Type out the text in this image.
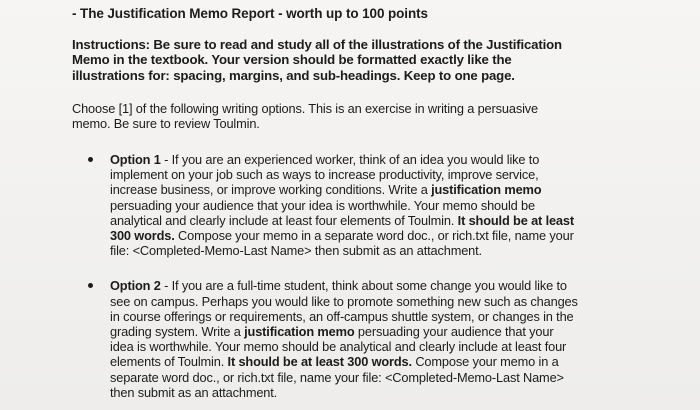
- The Justification Memo Report - worth up to 100 points
Instructions: Be sure to read and study all of the illustrations of the Justification Memo in the textbook. Your version should be formatted exactly like the illustrations for: spacing, margins, and sub-headings. Keep to one page.
Choose [1] of the following writing options. This is an exercise in writing a persuasive memo. Be sure to review Toulmin.
Option 1 - If you are an experienced worker, think of an idea you would like to implement on your job such as ways to increase productivity, improve service, increase business, or improve working conditions. Write a justification memo persuading your audience that your idea is worthwhile. Your memo should be analytical and clearly include at least four elements of Toulmin. It should be at least 300 words. Compose your memo in a separate word doc., or rich.txt file, name your file: <Completed-Memo-Last Name> then submit as an attachment.
Option 2 - If you are a full-time student, think about some change you would like to see on campus. Perhaps you would like to promote something new such as changes in course offerings or requirements, an off-campus shuttle system, or changes in the grading system. Write a justification memo persuading your audience that your idea is worthwhile. Your memo should be analytical and clearly include at least four elements of Toulmin. It should be at least 300 words. Compose your memo in a separate word doc., or rich.txt file, name your file: <Completed-Memo-Last Name> then submit as an attachment.
